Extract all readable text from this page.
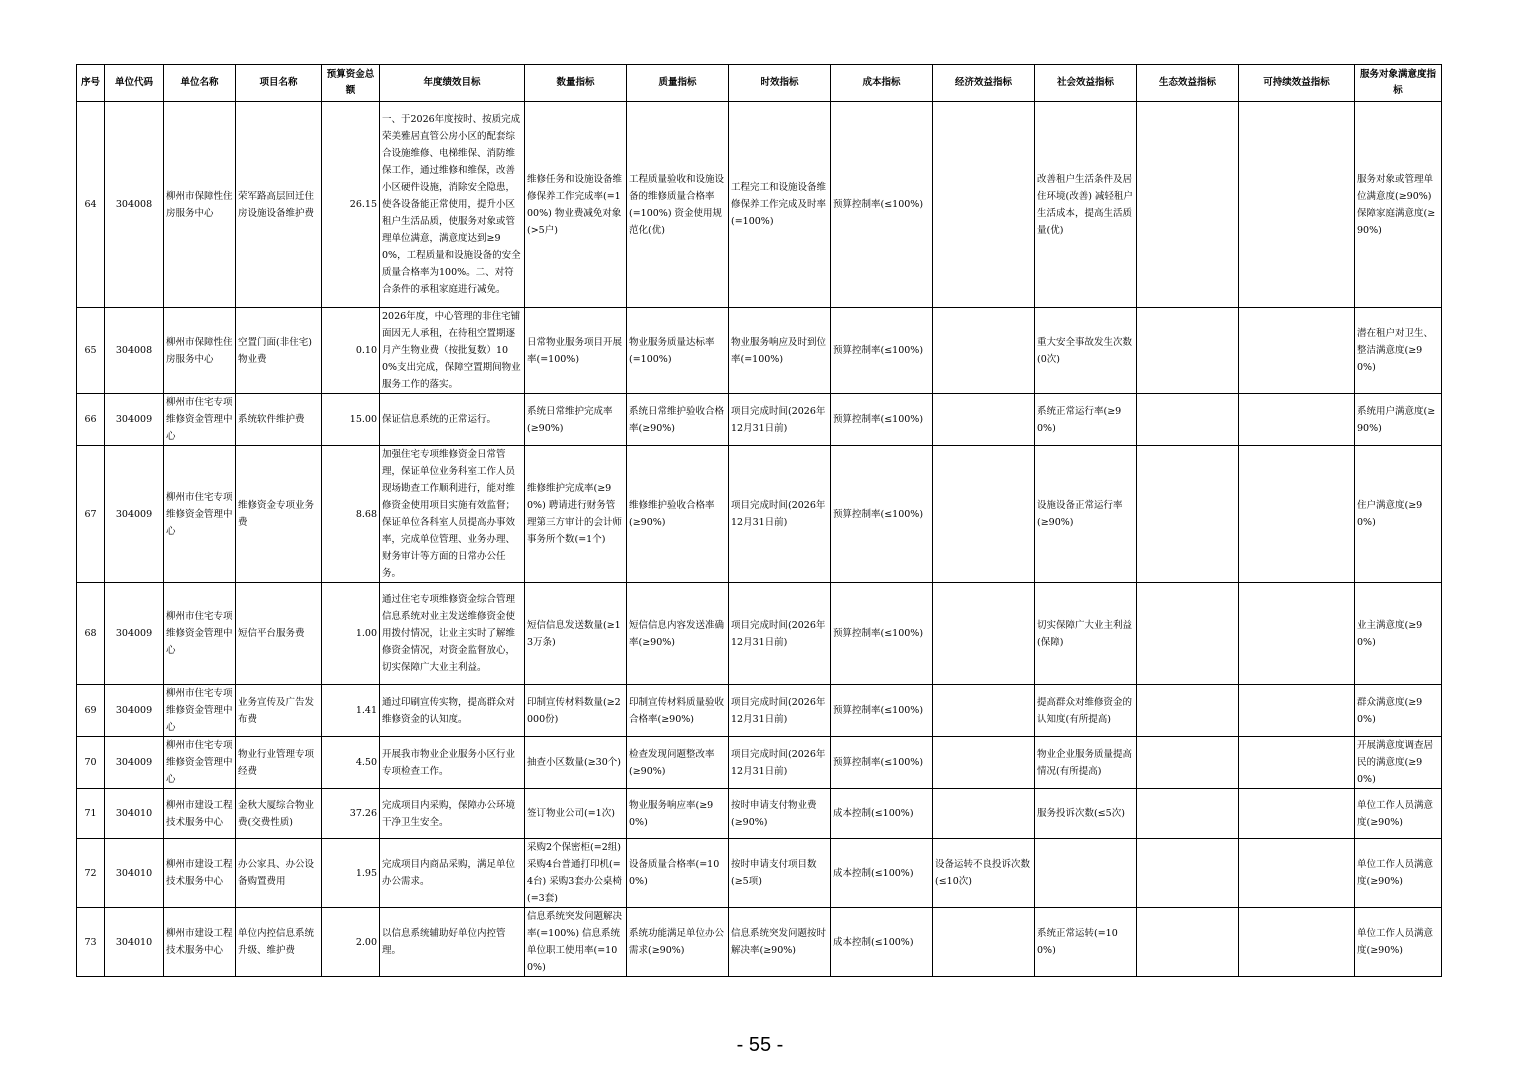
序号	单位代码	单位名称	项目名称	预算资金总额	年度绩效目标	数量指标	质量指标	时效指标	成本指标	经济效益指标	社会效益指标	生态效益指标	可持续效益指标	服务对象满意度指标
64	304008	柳州市保障性住房服务中心	荣军路高层回迁住房设施设备维护费	26.15	一、于2026年度按时、按质完成荣美雅居直管公房小区的配套综合设施维修、电梯维保、消防维保工作，通过维修和维保，改善小区硬件设施，消除安全隐患，使各设备能正常使用，提升小区租户生活品质，使服务对象或管理单位满意，满意度达到≥90%，工程质量和设施设备的安全质量合格率为100%。二、对符合条件的承租家庭进行减免。	维修任务和设施设备维修保养工作完成率(=100%) 物业费减免对象(>5户)	工程质量验收和设施设备的维修质量合格率(=100%) 资金使用规范化(优)	工程完工和设施设备维修保养工作完成及时率(=100%)	预算控制率(≤100%)		改善租户生活条件及居住环境(改善) 减轻租户生活成本，提高生活质量(优)			服务对象或管理单位满意度(≥90%) 保障家庭满意度(≥90%)
65	304008	柳州市保障性住房服务中心	空置门面(非住宅)物业费	0.10	2026年度，中心管理的非住宅铺面因无人承租，在待租空置期逐月产生物业费（按批复数）100%支出完成，保障空置期间物业服务工作的落实。	日常物业服务项目开展率(=100%)	物业服务质量达标率(=100%)	物业服务响应及时到位率(=100%)	预算控制率(≤100%)		重大安全事故发生次数(0次)			潜在租户对卫生、整洁满意度(≥90%)
66	304009	柳州市住宅专项维修资金管理中心	系统软件维护费	15.00	保证信息系统的正常运行。	系统日常维护完成率(≥90%)	系统日常维护验收合格率(≥90%)	项目完成时间(2026年12月31日前)	预算控制率(≤100%)		系统正常运行率(≥90%)			系统用户满意度(≥90%)
67	304009	柳州市住宅专项维修资金管理中心	维修资金专项业务费	8.68	加强住宅专项维修资金日常管理，保证单位业务科室工作人员现场勘查工作顺利进行，能对维修资金使用项目实施有效监督；保证单位各科室人员提高办事效率，完成单位管理、业务办理、财务审计等方面的日常办公任务。	维修维护完成率(≥90%) 聘请进行财务管理第三方审计的会计师事务所个数(=1个)	维修维护验收合格率(≥90%)	项目完成时间(2026年12月31日前)	预算控制率(≤100%)		设施设备正常运行率(≥90%)			住户满意度(≥90%)
68	304009	柳州市住宅专项维修资金管理中心	短信平台服务费	1.00	通过住宅专项维修资金综合管理信息系统对业主发送维修资金使用拨付情况，让业主实时了解维修资金情况，对资金监督放心，切实保障广大业主利益。	短信信息发送数量(≥13万条)	短信信息内容发送准确率(≥90%)	项目完成时间(2026年12月31日前)	预算控制率(≤100%)		切实保障广大业主利益(保障)			业主满意度(≥90%)
69	304009	柳州市住宅专项维修资金管理中心	业务宣传及广告发布费	1.41	通过印刷宣传实物，提高群众对维修资金的认知度。	印制宣传材料数量(≥2000份)	印制宣传材料质量验收合格率(≥90%)	项目完成时间(2026年12月31日前)	预算控制率(≤100%)		提高群众对维修资金的认知度(有所提高)			群众满意度(≥90%)
70	304009	柳州市住宅专项维修资金管理中心	物业行业管理专项经费	4.50	开展我市物业企业服务小区行业专项检查工作。	抽查小区数量(≥30个)	检查发现问题整改率(≥90%)	项目完成时间(2026年12月31日前)	预算控制率(≤100%)		物业企业服务质量提高情况(有所提高)			开展满意度调查居民的满意度(≥90%)
71	304010	柳州市建设工程技术服务中心	金秋大厦综合物业费(交费性质)	37.26	完成项目内采购，保障办公环境干净卫生安全。	签订物业公司(=1次)	物业服务响应率(≥90%)	按时申请支付物业费(≥90%)	成本控制(≤100%)		服务投诉次数(≤5次)			单位工作人员满意度(≥90%)
72	304010	柳州市建设工程技术服务中心	办公家具、办公设备购置费用	1.95	完成项目内商品采购，满足单位办公需求。	采购2个保密柜(=2组) 采购4台普通打印机(=4台) 采购3套办公桌椅(=3套)	设备质量合格率(=100%)	按时申请支付项目数(≥5项)	成本控制(≤100%)	设备运转不良投诉次数(≤10次)				单位工作人员满意度(≥90%)
73	304010	柳州市建设工程技术服务中心	单位内控信息系统升级、维护费	2.00	以信息系统辅助好单位内控管理。	信息系统突发问题解决率(=100%) 信息系统单位职工使用率(=100%)	系统功能满足单位办公需求(≥90%)	信息系统突发问题按时解决率(≥90%)	成本控制(≤100%)		系统正常运转(=100%)			单位工作人员满意度(≥90%)
- 55 -
